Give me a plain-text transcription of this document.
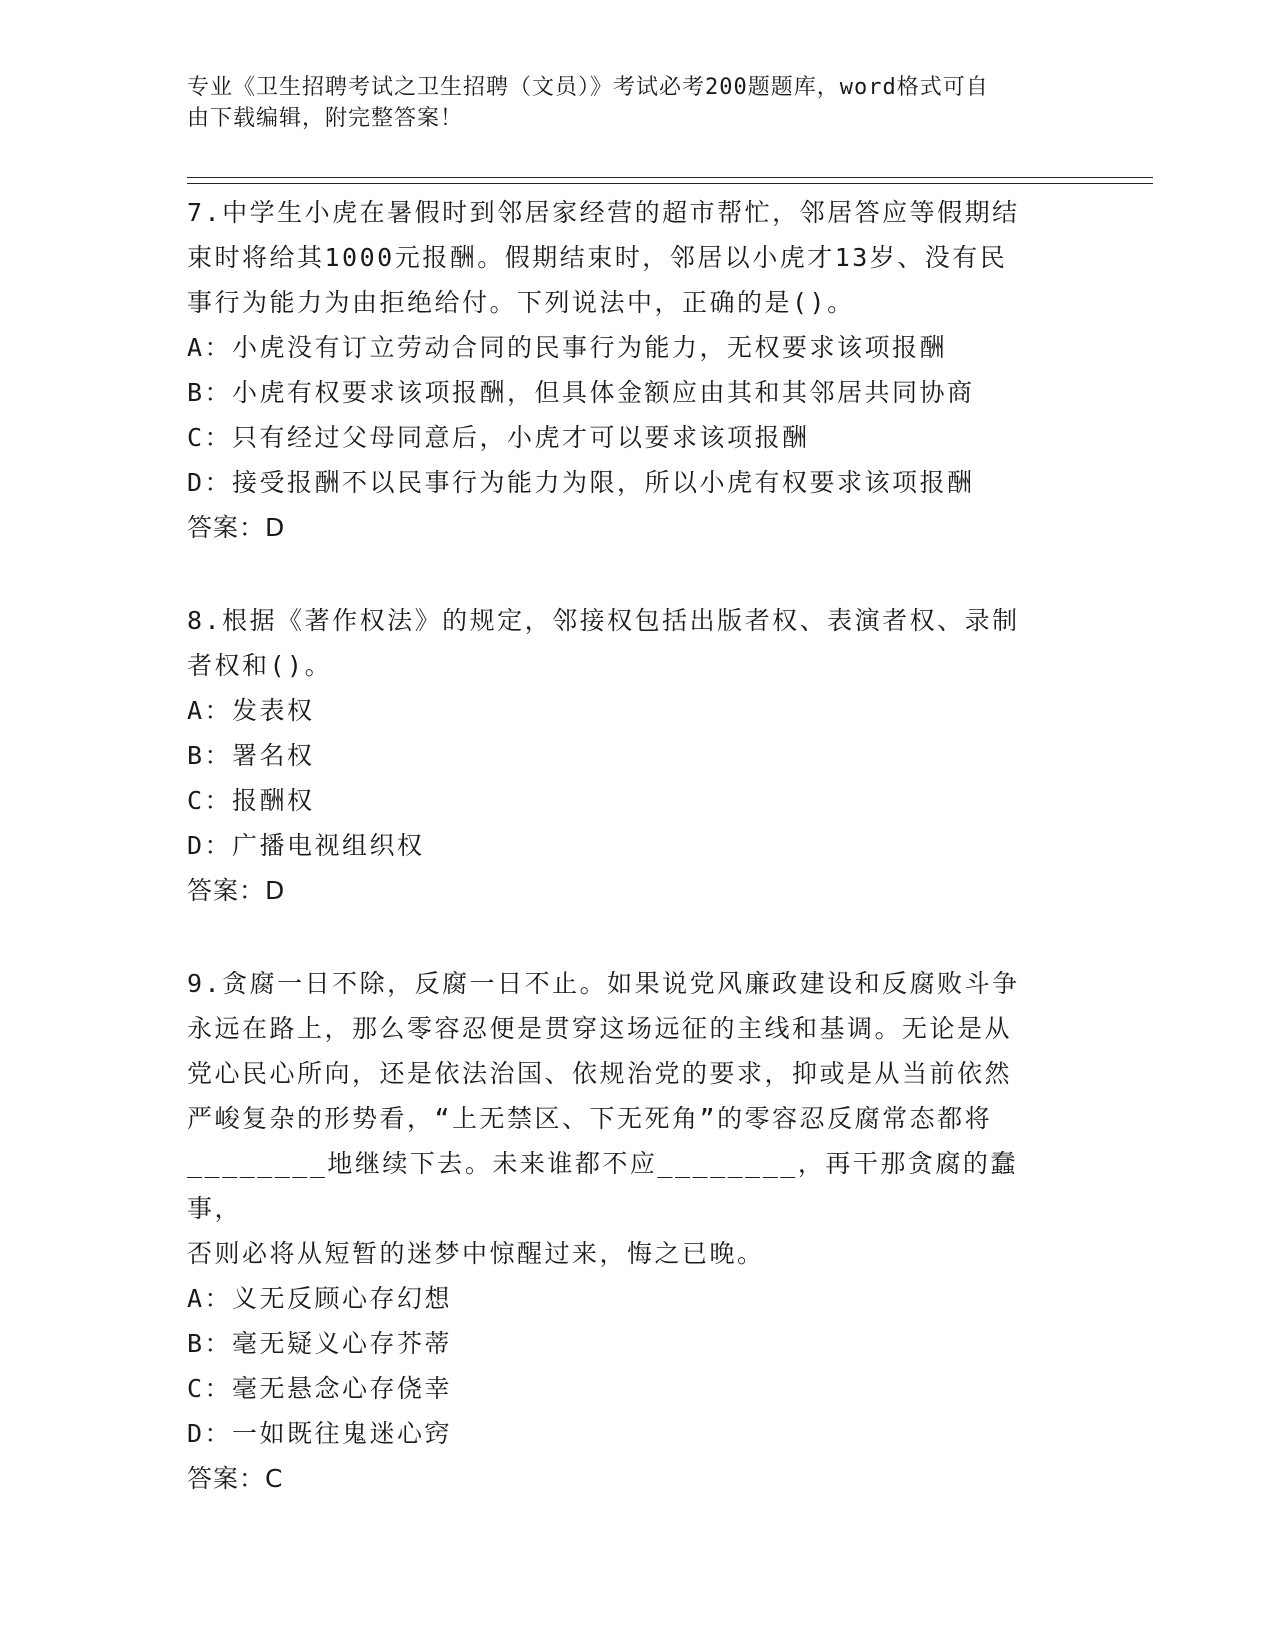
专业《卫生招聘考试之卫生招聘（文员）》考试必考200题题库，word格式可自
由下载编辑，附完整答案！

7.中学生小虎在暑假时到邻居家经营的超市帮忙，邻居答应等假期结

束时将给其1000元报酬。假期结束时，邻居以小虎才13岁、没有民

事行为能力为由拒绝给付。下列说法中，正确的是()。

A：小虎没有订立劳动合同的民事行为能力，无权要求该项报酬

B：小虎有权要求该项报酬，但具体金额应由其和其邻居共同协商

C：只有经过父母同意后，小虎才可以要求该项报酬

D：接受报酬不以民事行为能力为限，所以小虎有权要求该项报酬

答案：D

8.根据《著作权法》的规定，邻接权包括出版者权、表演者权、录制

者权和()。

A：发表权

B：署名权

C：报酬权

D：广播电视组织权

答案：D

9.贪腐一日不除，反腐一日不止。如果说党风廉政建设和反腐败斗争

永远在路上，那么零容忍便是贯穿这场远征的主线和基调。无论是从

党心民心所向，还是依法治国、依规治党的要求，抑或是从当前依然

严峻复杂的形势看，“上无禁区、下无死角”的零容忍反腐常态都将

________地继续下去。未来谁都不应________，再干那贪腐的蠢事，

否则必将从短暂的迷梦中惊醒过来，悔之已晚。

A：义无反顾心存幻想

B：毫无疑义心存芥蒂

C：毫无悬念心存侥幸

D：一如既往鬼迷心窍

答案：C
